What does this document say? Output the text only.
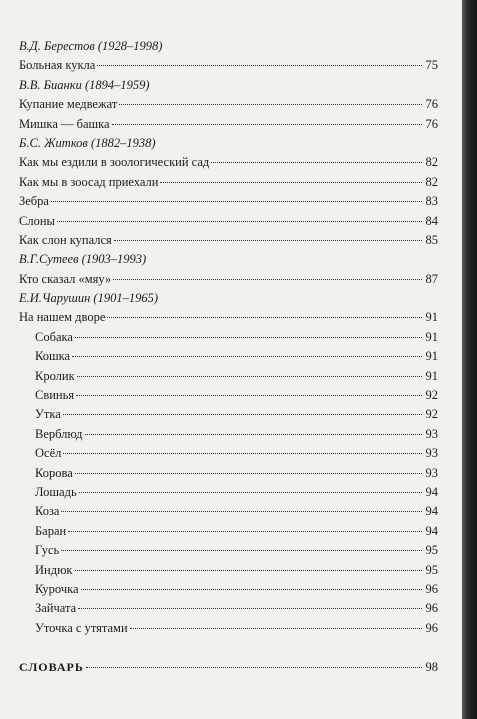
В.Д. Берестов (1928–1998)
Больная кукла	75
В.В. Бианки (1894–1959)
Купание медвежат	76
Мишка — башка	76
Б.С. Житков (1882–1938)
Как мы ездили в зоологический сад	82
Как мы в зоосад приехали	82
Зебра	83
Слоны	84
Как слон купался	85
В.Г.Сутеев (1903–1993)
Кто сказал «мяу»	87
Е.И.Чарушин (1901–1965)
На нашем дворе	91
Собака	91
Кошка	91
Кролик	91
Свинья	92
Утка	92
Верблюд	93
Осёл	93
Корова	93
Лошадь	94
Коза	94
Баран	94
Гусь	95
Индюк	95
Курочка	96
Зайчата	96
Уточка с утятами	96
СЛОВАРЬ	98
